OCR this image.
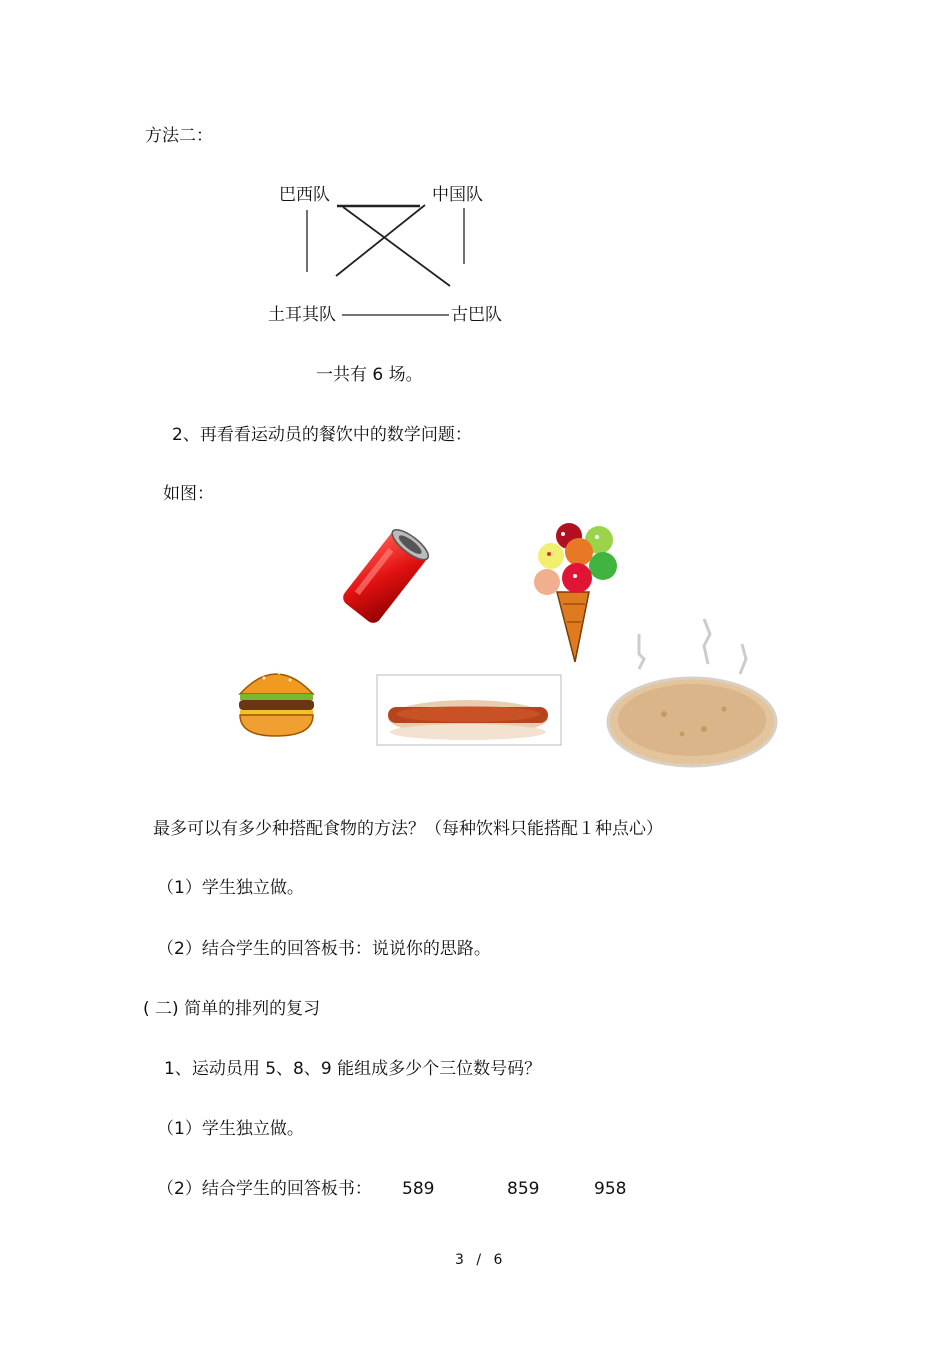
方法二：
巴西队	中国队
土耳其队	古巴队
一共有 6 场。
2、再看看运动员的餐饮中的数学问题：
如图：
最多可以有多少种搭配食物的方法？（每种饮料只能搭配１种点心）
（1）学生独立做。
（2）结合学生的回答板书：说说你的思路。
( 二) 简单的排列的复习
1、运动员用 5、8、9 能组成多少个三位数号码？
（1）学生独立做。
（2）结合学生的回答板书： 589	859	958
3 / 6
